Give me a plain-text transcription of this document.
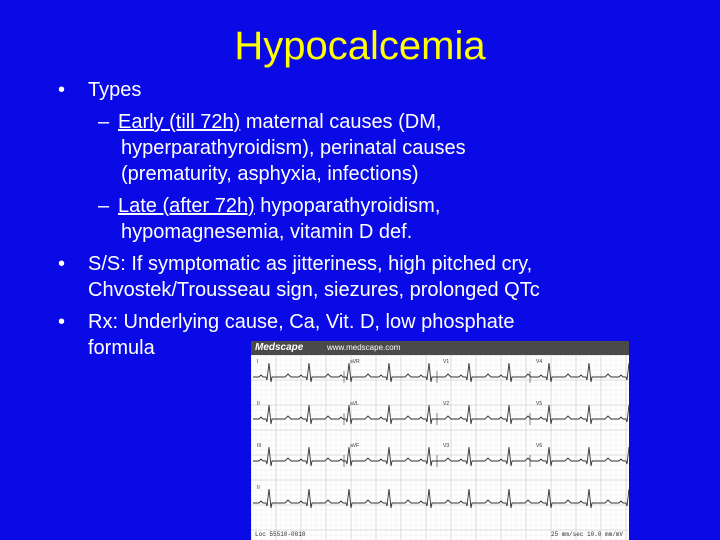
Hypocalcemia
• Types
– Early (till 72h) maternal causes (DM,
hyperparathyroidism), perinatal causes
(prematurity, asphyxia, infections)
– Late (after 72h) hypoparathyroidism,
hypomagnesemia, vitamin D def.
• S/S: If symptomatic as jitteriness, high pitched cry,
Chvostek/Trousseau sign, siezures, prolonged QTc
• Rx: Underlying cause, Ca, Vit. D, low phosphate
formula	Medscape	www.medscape.com
I	aVR	V1	V4
II	aVL	V2	V5
III	aVF	V3	V6
II
Loc 55510-0018	25 mm/sec 10.0 mm/mV
